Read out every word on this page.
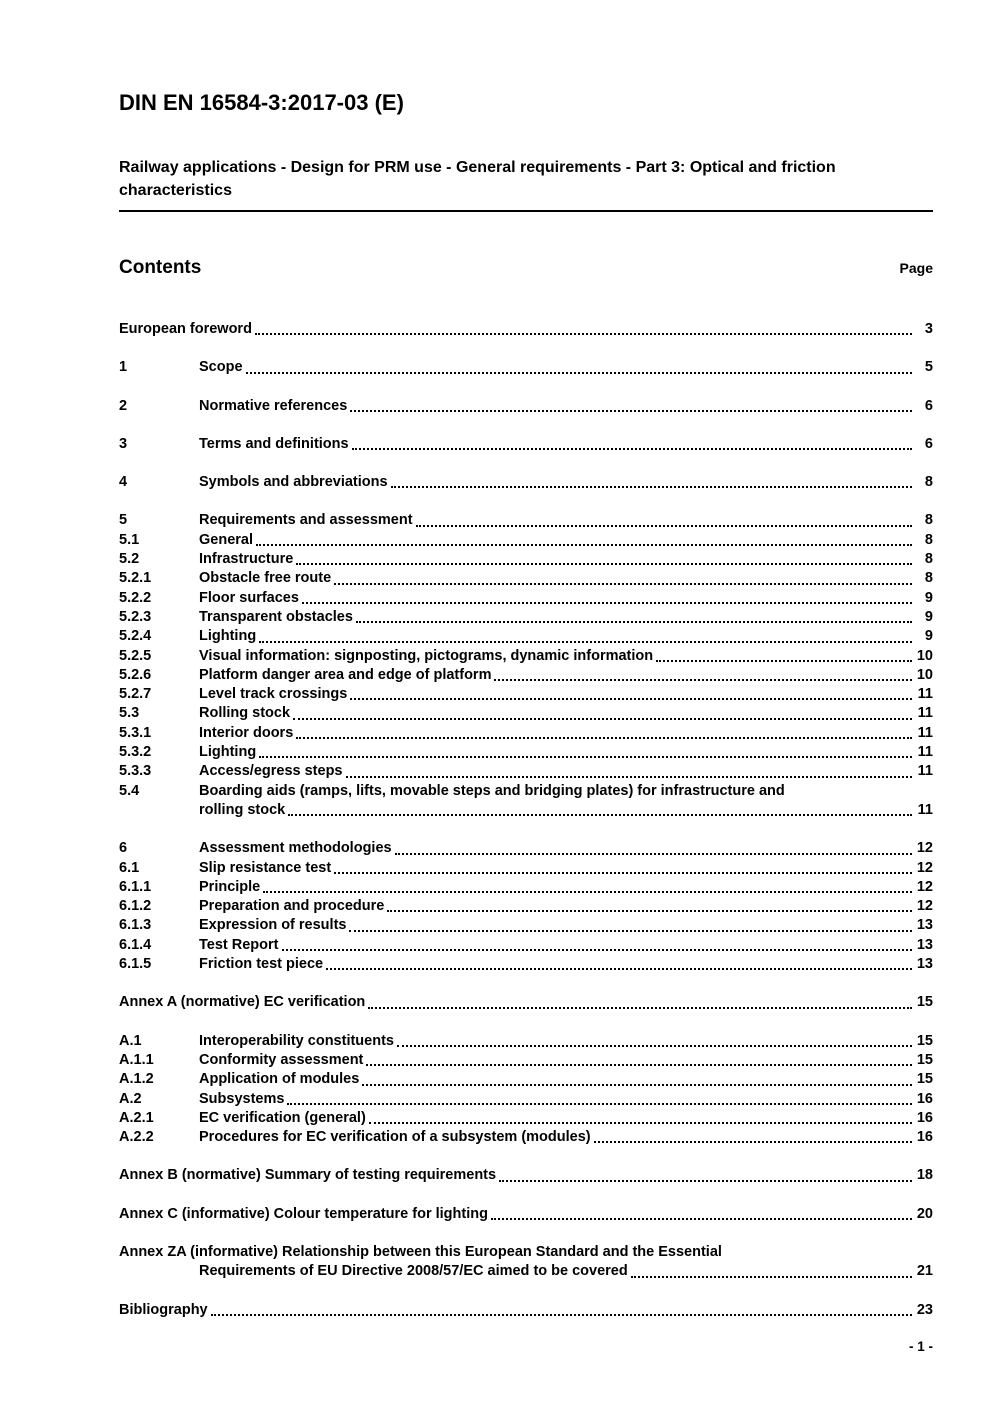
DIN EN 16584-3:2017-03 (E)

Railway applications - Design for PRM use - General requirements - Part 3: Optical and friction characteristics

Contents	Page
European foreword	3
1	Scope	5
2	Normative references	6
3	Terms and definitions	6
4	Symbols and abbreviations	8
5	Requirements and assessment	8
5.1	General	8
5.2	Infrastructure	8
5.2.1	Obstacle free route	8
5.2.2	Floor surfaces	9
5.2.3	Transparent obstacles	9
5.2.4	Lighting	9
5.2.5	Visual information: signposting, pictograms, dynamic information	10
5.2.6	Platform danger area and edge of platform	10
5.2.7	Level track crossings	11
5.3	Rolling stock	11
5.3.1	Interior doors	11
5.3.2	Lighting	11
5.3.3	Access/egress steps	11
5.4	Boarding aids (ramps, lifts, movable steps and bridging plates) for infrastructure and
rolling stock	11
6	Assessment methodologies	12
6.1	Slip resistance test	12
6.1.1	Principle	12
6.1.2	Preparation and procedure	12
6.1.3	Expression of results	13
6.1.4	Test Report	13
6.1.5	Friction test piece	13
Annex A (normative) EC verification	15
A.1	Interoperability constituents	15
A.1.1	Conformity assessment	15
A.1.2	Application of modules	15
A.2	Subsystems	16
A.2.1	EC verification (general)	16
A.2.2	Procedures for EC verification of a subsystem (modules)	16
Annex B (normative) Summary of testing requirements	18
Annex C (informative) Colour temperature for lighting	20
Annex ZA (informative) Relationship between this European Standard and the Essential
Requirements of EU Directive 2008/57/EC aimed to be covered	21
Bibliography	23
- 1 -
